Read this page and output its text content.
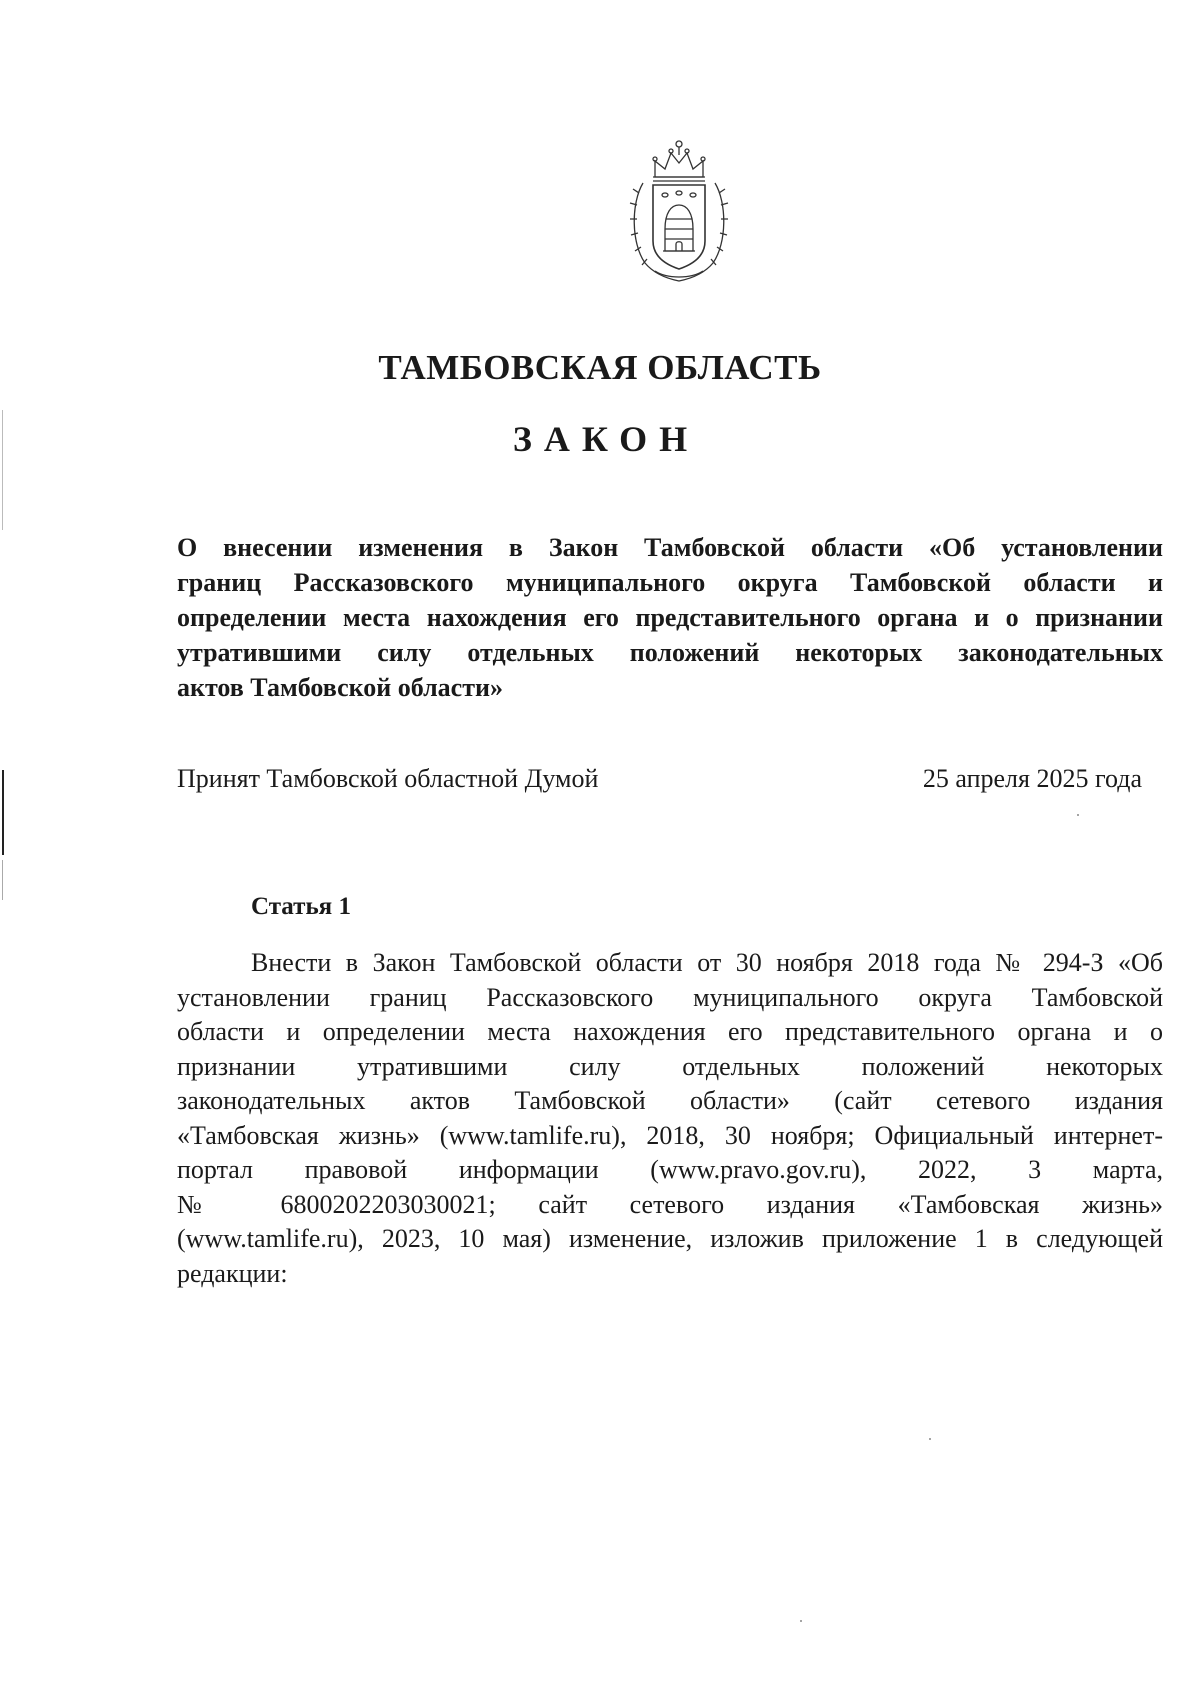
ТАМБОВСКАЯ ОБЛАСТЬ
ЗАКОН
О внесении изменения в Закон Тамбовской области «Об установлении
границ Рассказовского муниципального округа Тамбовской области и
определении места нахождения его представительного органа и о признании
утратившими силу отдельных положений некоторых законодательных
актов Тамбовской области»
Принят Тамбовской областной Думой	25 апреля 2025 года
Статья 1
Внести в Закон Тамбовской области от 30 ноября 2018 года № 294-З «Об
установлении границ Рассказовского муниципального округа Тамбовской
области и определении места нахождения его представительного органа и о
признании утратившими силу отдельных положений некоторых
законодательных актов Тамбовской области» (сайт сетевого издания
«Тамбовская жизнь» (www.tamlife.ru), 2018, 30 ноября; Официальный интернет-
портал правовой информации (www.pravo.gov.ru), 2022, 3 марта,
№ 6800202203030021; сайт сетевого издания «Тамбовская жизнь»
(www.tamlife.ru), 2023, 10 мая) изменение, изложив приложение 1 в следующей
редакции:
